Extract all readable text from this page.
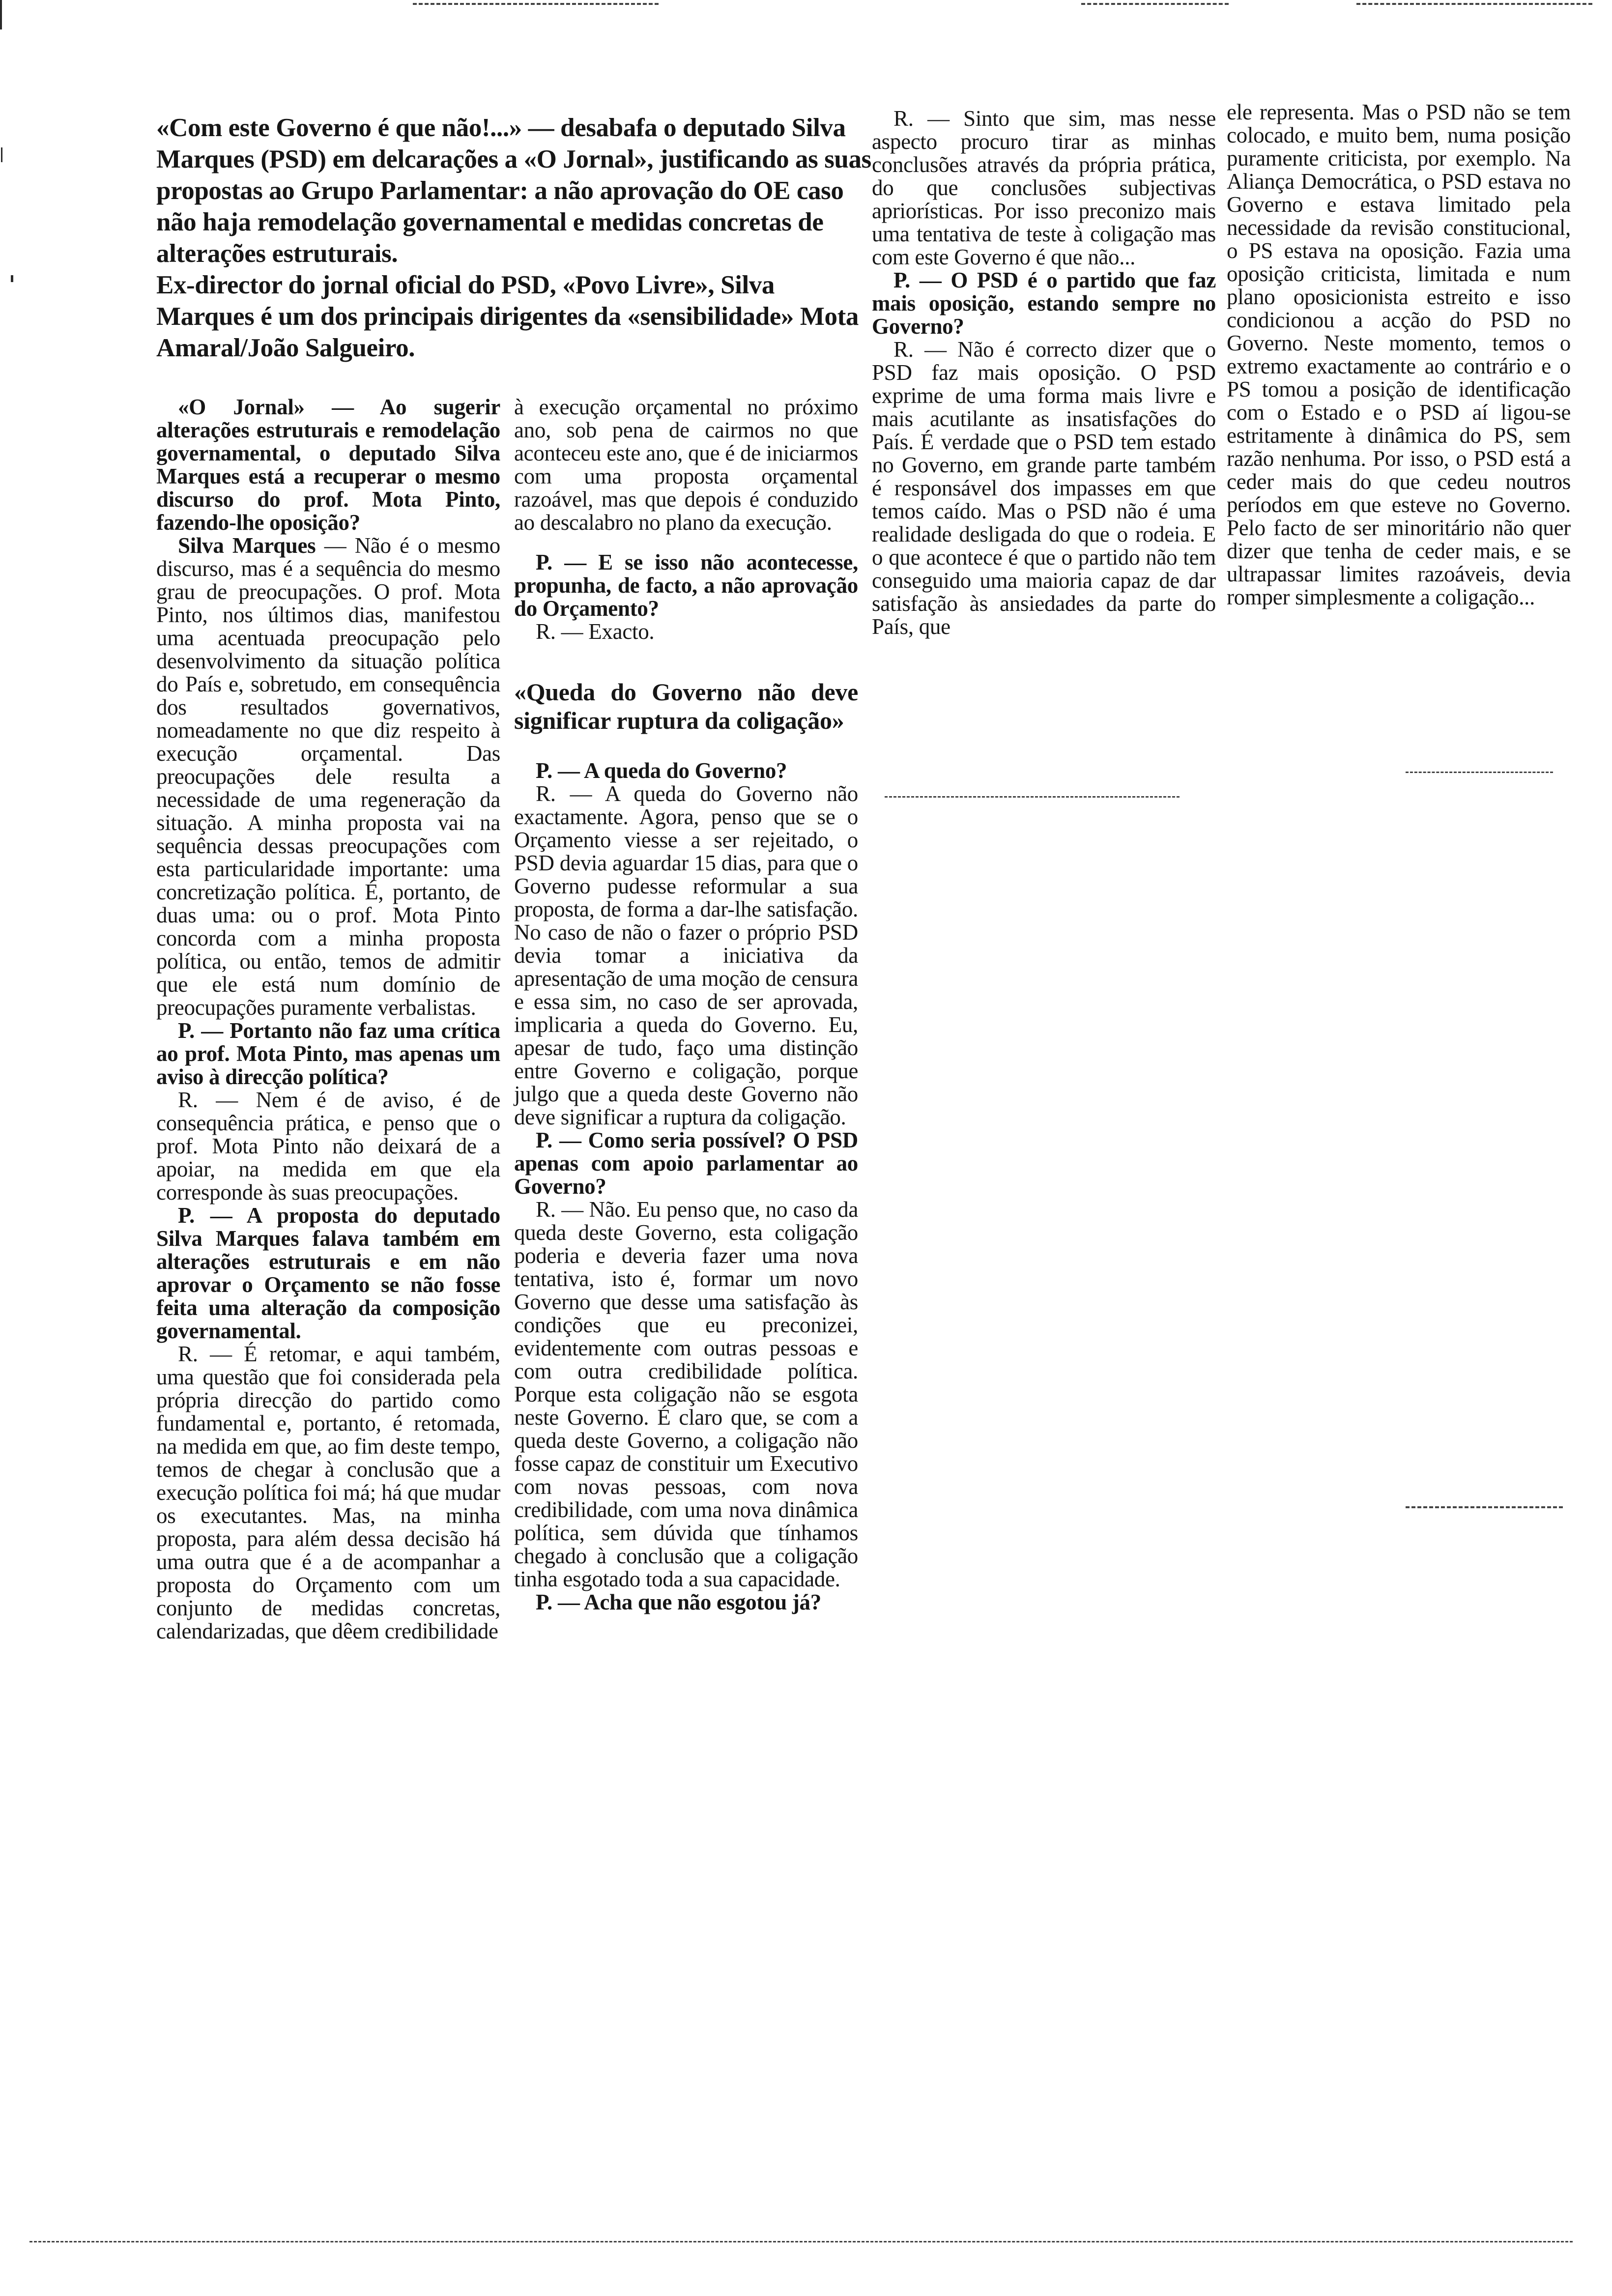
«Com este Governo é que não!...» — desabafa o deputado Silva Marques (PSD) em delcarações a «O Jornal», justificando as suas propostas ao Grupo Parlamentar: a não aprovação do OE caso não haja remodelação governamental e medidas concretas de alterações estruturais.

Ex-director do jornal oficial do PSD, «Povo Livre», Silva Marques é um dos principais dirigentes da «sensibilidade» Mota Amaral/João Salgueiro.

«O Jornal» — Ao sugerir alterações estruturais e remodelação governamental, o deputado Silva Marques está a recuperar o mesmo discurso do prof. Mota Pinto, fazendo-lhe oposição?

Silva Marques — Não é o mesmo discurso, mas é a sequência do mesmo grau de preocupações. O prof. Mota Pinto, nos últimos dias, manifestou uma acentuada preocupação pelo desenvolvimento da situação política do País e, sobretudo, em consequência dos resultados governativos, nomeadamente no que diz respeito à execução orçamental. Das preocupações dele resulta a necessidade de uma regeneração da situação. A minha proposta vai na sequência dessas preocupações com esta particularidade importante: uma concretização política. É, portanto, de duas uma: ou o prof. Mota Pinto concorda com a minha proposta política, ou então, temos de admitir que ele está num domínio de preocupações puramente verbalistas.

P. — Portanto não faz uma crítica ao prof. Mota Pinto, mas apenas um aviso à direcção política?

R. — Nem é de aviso, é de consequência prática, e penso que o prof. Mota Pinto não deixará de a apoiar, na medida em que ela corresponde às suas preocupações.

P. — A proposta do deputado Silva Marques falava também em alterações estruturais e em não aprovar o Orçamento se não fosse feita uma alteração da composição governamental.

R. — É retomar, e aqui também, uma questão que foi considerada pela própria direcção do partido como fundamental e, portanto, é retomada, na medida em que, ao fim deste tempo, temos de chegar à conclusão que a execução política foi má; há que mudar os executantes. Mas, na minha proposta, para além dessa decisão há uma outra que é a de acompanhar a proposta do Orçamento com um conjunto de medidas concretas, calendarizadas, que dêem credibilidade

à execução orçamental no próximo ano, sob pena de cairmos no que aconteceu este ano, que é de iniciarmos com uma proposta orçamental razoável, mas que depois é conduzido ao descalabro no plano da execução.

P. — E se isso não acontecesse, propunha, de facto, a não aprovação do Orçamento?

R. — Exacto.

«Queda do Governo não deve significar ruptura da coligação»

P. — A queda do Governo?

R. — A queda do Governo não exactamente. Agora, penso que se o Orçamento viesse a ser rejeitado, o PSD devia aguardar 15 dias, para que o Governo pudesse reformular a sua proposta, de forma a dar-lhe satisfação. No caso de não o fazer o próprio PSD devia tomar a iniciativa da apresentação de uma moção de censura e essa sim, no caso de ser aprovada, implicaria a queda do Governo. Eu, apesar de tudo, faço uma distinção entre Governo e coligação, porque julgo que a queda deste Governo não deve significar a ruptura da coligação.

P. — Como seria possível? O PSD apenas com apoio parlamentar ao Governo?

R. — Não. Eu penso que, no caso da queda deste Governo, esta coligação poderia e deveria fazer uma nova tentativa, isto é, formar um novo Governo que desse uma satisfação às condições que eu preconizei, evidentemente com outras pessoas e com outra credibilidade política. Porque esta coligação não se esgota neste Governo. É claro que, se com a queda deste Governo, a coligação não fosse capaz de constituir um Executivo com novas pessoas, com nova credibilidade, com uma nova dinâmica política, sem dúvida que tínhamos chegado à conclusão que a coligação tinha esgotado toda a sua capacidade.

P. — Acha que não esgotou já?

R. — Sinto que sim, mas nesse aspecto procuro tirar as minhas conclusões através da própria prática, do que conclusões subjectivas apriorísticas. Por isso preconizo mais uma tentativa de teste à coligação mas com este Governo é que não...

P. — O PSD é o partido que faz mais oposição, estando sempre no Governo?

R. — Não é correcto dizer que o PSD faz mais oposição. O PSD exprime de uma forma mais livre e mais acutilante as insatisfações do País. É verdade que o PSD tem estado no Governo, em grande parte também é responsável dos impasses em que temos caído. Mas o PSD não é uma realidade desligada do que o rodeia. E o que acontece é que o partido não tem conseguido uma maioria capaz de dar satisfação às ansiedades da parte do País, que

ele representa. Mas o PSD não se tem colocado, e muito bem, numa posição puramente criticista, por exemplo. Na Aliança Democrática, o PSD estava no Governo e estava limitado pela necessidade da revisão constitucional, o PS estava na oposição. Fazia uma oposição criticista, limitada e num plano oposicionista estreito e isso condicionou a acção do PSD no Governo. Neste momento, temos o extremo exactamente ao contrário e o PS tomou a posição de identificação com o Estado e o PSD aí ligou-se estritamente à dinâmica do PS, sem razão nenhuma. Por isso, o PSD está a ceder mais do que cedeu noutros períodos em que esteve no Governo. Pelo facto de ser minoritário não quer dizer que tenha de ceder mais, e se ultrapassar limites razoáveis, devia romper simplesmente a coligação...
